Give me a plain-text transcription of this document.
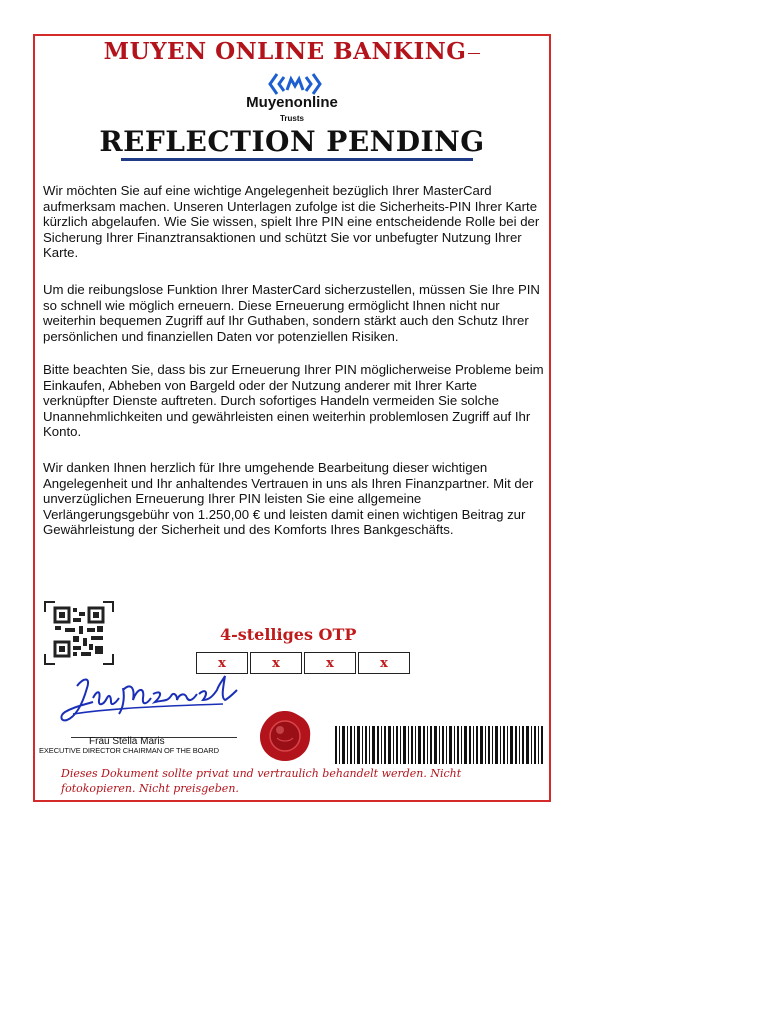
MUYEN ONLINE BANKING
Muyenonline
Trusts
REFLECTION PENDING
Wir möchten Sie auf eine wichtige Angelegenheit bezüglich Ihrer MasterCard aufmerksam machen. Unseren Unterlagen zufolge ist die Sicherheits-PIN Ihrer Karte kürzlich abgelaufen. Wie Sie wissen, spielt Ihre PIN eine entscheidende Rolle bei der Sicherung Ihrer Finanztransaktionen und schützt Sie vor unbefugter Nutzung Ihrer Karte.
Um die reibungslose Funktion Ihrer MasterCard sicherzustellen, müssen Sie Ihre PIN so schnell wie möglich erneuern. Diese Erneuerung ermöglicht Ihnen nicht nur weiterhin bequemen Zugriff auf Ihr Guthaben, sondern stärkt auch den Schutz Ihrer persönlichen und finanziellen Daten vor potenziellen Risiken.
Bitte beachten Sie, dass bis zur Erneuerung Ihrer PIN möglicherweise Probleme beim Einkaufen, Abheben von Bargeld oder der Nutzung anderer mit Ihrer Karte verknüpfter Dienste auftreten. Durch sofortiges Handeln vermeiden Sie solche Unannehmlichkeiten und gewährleisten einen weiterhin problemlosen Zugriff auf Ihr Konto.
Wir danken Ihnen herzlich für Ihre umgehende Bearbeitung dieser wichtigen Angelegenheit und Ihr anhaltendes Vertrauen in uns als Ihren Finanzpartner. Mit der unverzüglichen Erneuerung Ihrer PIN leisten Sie eine allgemeine Verlängerungsgebühr von 1.250,00 € und leisten damit einen wichtigen Beitrag zur Gewährleistung der Sicherheit und des Komforts Ihres Bankgeschäfts.
4-stelliges OTP
x	x	x	x
Frau Stella Maris
EXECUTIVE DIRECTOR CHAIRMAN OF THE BOARD
Dieses Dokument sollte privat und vertraulich behandelt werden. Nicht fotokopieren. Nicht preisgeben.
